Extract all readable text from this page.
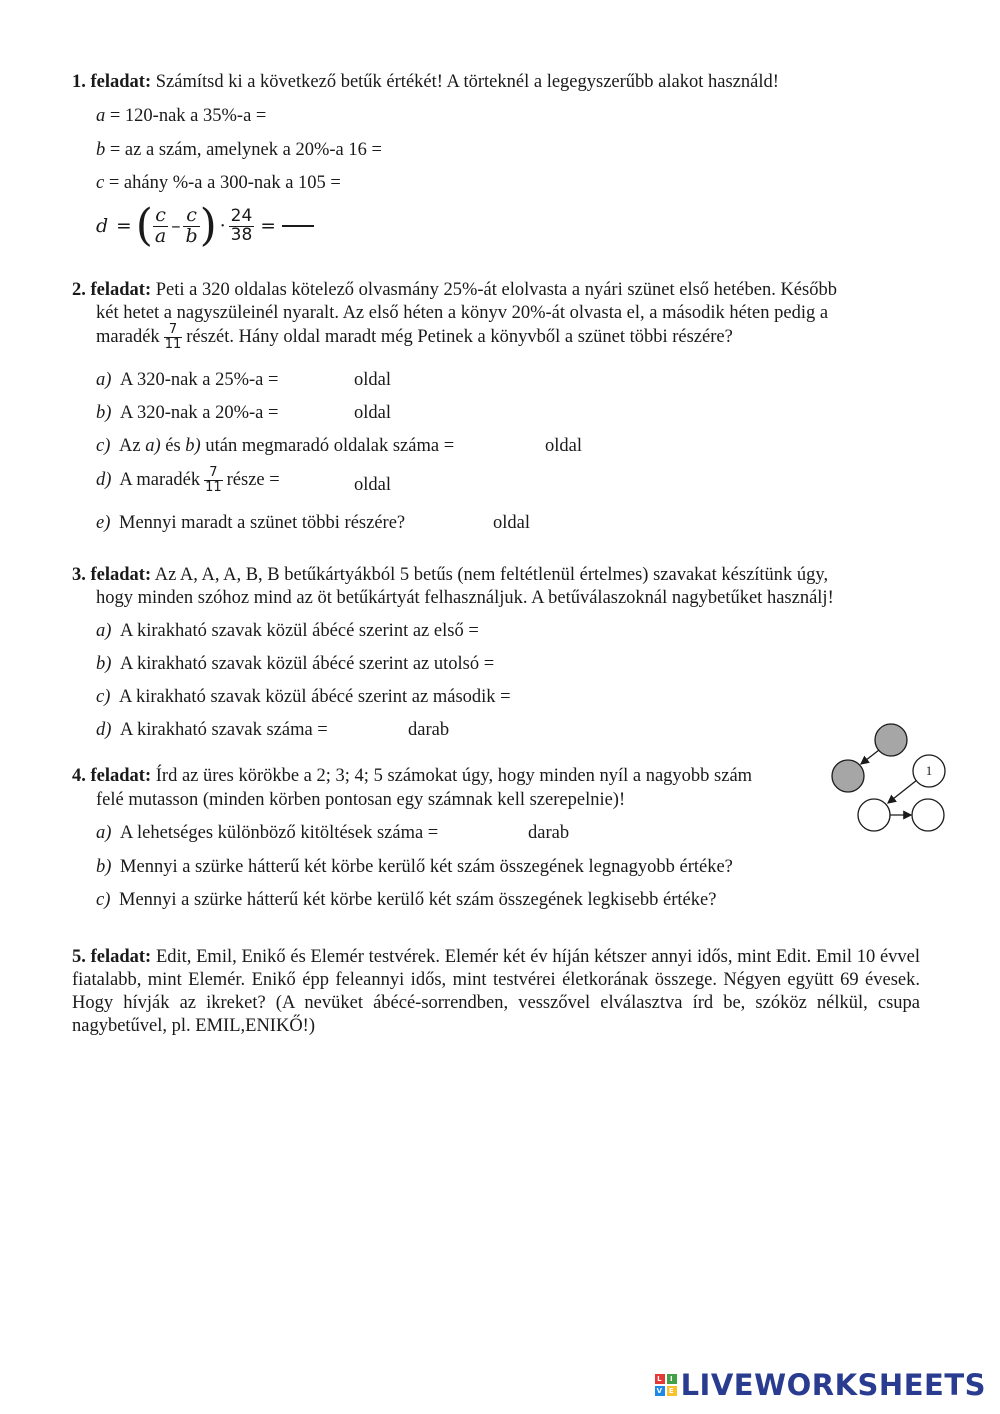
1. feladat: Számítsd ki a következő betűk értékét! A törteknél a legegyszerűbb alakot használd!
a = 120-nak a 35%-a =
b = az a szám, amelynek a 20%-a 16 =
c = ahány %-a a 300-nak a 105 =
d = ( $\frac{c}{a} - \frac{c}{b}$ ) · $\frac{24}{38}$ =
2. feladat: Peti a 320 oldalas kötelező olvasmány 25%-át elolvasta a nyári szünet első hetében. Később
két hetet a nagyszüleinél nyaralt. Az első héten a könyv 20%-át olvasta el, a második héten pedig a
maradék $\frac{7}{11}$ részét. Hány oldal maradt még Petinek a könyvből a szünet többi részére?
a) A 320-nak a 25%-a =	oldal
b) A 320-nak a 20%-a =	oldal
c) Az a) és b) után megmaradó oldalak száma =	oldal
d) A maradék $\frac{7}{11}$ része =	oldal
e) Mennyi maradt a szünet többi részére?	oldal
3. feladat: Az A, A, A, B, B betűkártyákból 5 betűs (nem feltétlenül értelmes) szavakat készítünk úgy,
hogy minden szóhoz mind az öt betűkártyát felhasználjuk. A betűválaszoknál nagybetűket használj!
a) A kirakható szavak közül ábécé szerint az első =
b) A kirakható szavak közül ábécé szerint az utolsó =
c) A kirakható szavak közül ábécé szerint az második =
d) A kirakható szavak száma =	darab
4. feladat: Írd az üres körökbe a 2; 3; 4; 5 számokat úgy, hogy minden nyíl a nagyobb szám
felé mutasson (minden körben pontosan egy számnak kell szerepelnie)!
1
a) A lehetséges különböző kitöltések száma =	darab
b) Mennyi a szürke hátterű két körbe kerülő két szám összegének legnagyobb értéke?
c) Mennyi a szürke hátterű két körbe kerülő két szám összegének legkisebb értéke?
5. feladat: Edit, Emil, Enikő és Elemér testvérek. Elemér két év híján kétszer annyi idős, mint Edit. Emil 10 évvel fiatalabb, mint Elemér. Enikő épp feleannyi idős, mint testvérei életkorának összege. Négyen együtt 69 évesek. Hogy hívják az ikreket? (A nevüket ábécé-sorrendben, vesszővel elválasztva írd be, szóköz nélkül, csupa nagybetűvel, pl. EMIL,ENIKŐ!)
L	I
V E LIVEWORKSHEETS
